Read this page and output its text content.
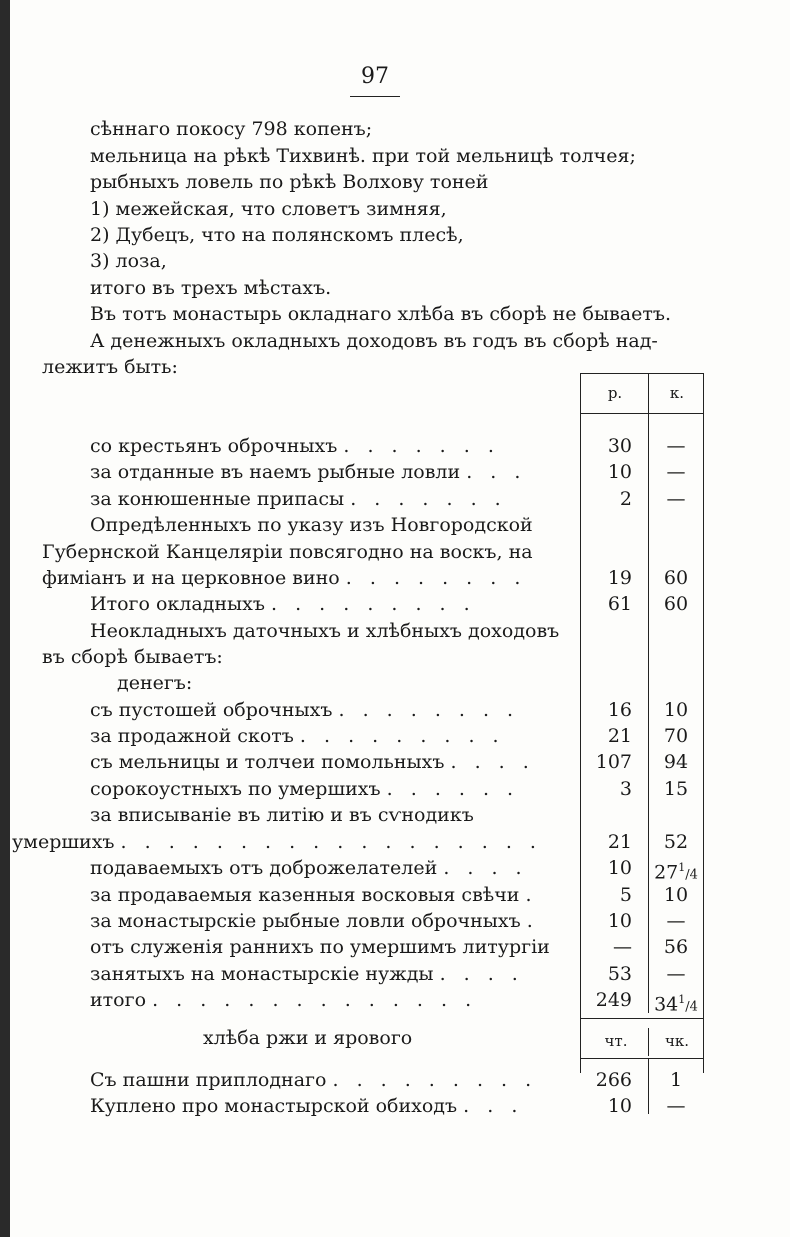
97
сѣннаго покосу 798 копенъ;
мельница на рѣкѣ Тихвинѣ. при той мельницѣ толчея;
рыбныхъ ловель по рѣкѣ Волхову тоней
1) межейская, что словетъ зимняя,
2) Дубецъ, что на полянскомъ плесѣ,
3) лоза,
итого въ трехъ мѣстахъ.
Въ тотъ монастырь окладнаго хлѣба въ сборѣ не бываетъ.
А денежныхъ окладныхъ доходовъ въ годъ въ сборѣ над-
лежитъ быть:
р.	к.
со крестьянъ оброчныхъ . . . . . . .	30	—
за отданные въ наемъ рыбные ловли . . .	10	—
за конюшенные припасы . . . . . . .	2	—
Опредѣленныхъ по указу изъ Новгородской
Губернской Канцеляріи повсягодно на воскъ, на
фиміанъ и на церковное вино . . . . . . . .	19	60
Итого окладныхъ . . . . . . . . .	61	60
Неокладныхъ даточныхъ и хлѣбныхъ доходовъ
въ сборѣ бываетъ:
денегъ:
съ пустошей оброчныхъ . . . . . . . .	16	10
за продажной скотъ . . . . . . . . .	21	70
съ мельницы и толчеи помольныхъ . . . .	107	94
сорокоустныхъ по умершихъ . . . . . .	3	15
за вписываніе въ литію и въ сѵнодикъ
умершихъ . . . . . . . . . . . . . . . . . .	21	52
подаваемыхъ отъ доброжелателей . . . .	10 $27^1/4$
за продаваемыя казенныя восковыя свѣчи .	5	10
за монастырскіе рыбные ловли оброчныхъ .	10	—
отъ служенія раннихъ по умершимъ литургіи	—	56
занятыхъ на монастырскіе нужды . . . .	53	—
итого . . . . . . . . . . . . . .	249 $34^1/4$
хлѣба ржи и ярового	чт.	чк.
Съ пашни приплоднаго . . . . . . . . .	266	1
Куплено про монастырской обиходъ . . .	10	—
